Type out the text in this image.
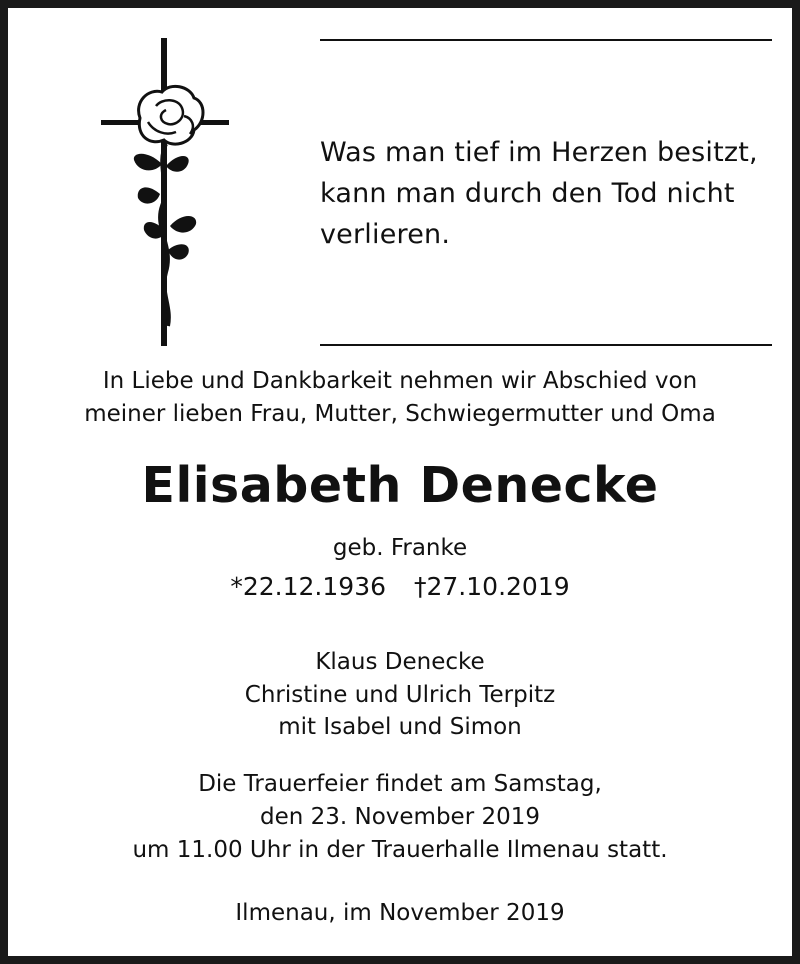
Was man tief im Herzen besitzt,
kann man durch den Tod nicht
verlieren.
In Liebe und Dankbarkeit nehmen wir Abschied von
meiner lieben Frau, Mutter, Schwiegermutter und Oma
Elisabeth Denecke
geb. Franke
*22.12.1936 †27.10.2019
Klaus Denecke
Christine und Ulrich Terpitz
mit Isabel und Simon
Die Trauerfeier findet am Samstag,
den 23. November 2019
um 11.00 Uhr in der Trauerhalle Ilmenau statt.
Ilmenau, im November 2019
